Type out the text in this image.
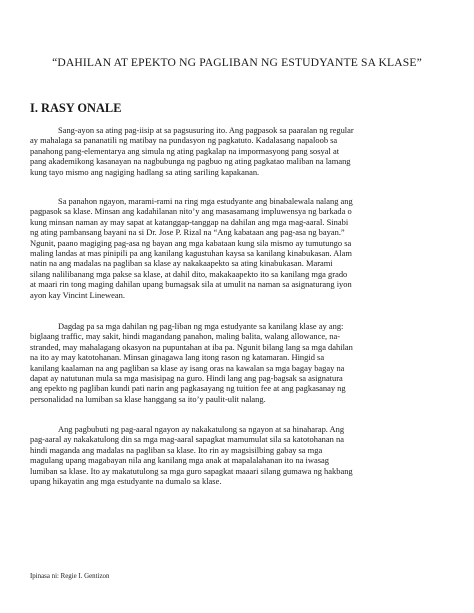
“DAHILAN AT EPEKTO NG PAGLIBAN NG ESTUDYANTE SA KLASE”
I. RASY ONALE

Sang-ayon sa ating pag-iisip at sa pagsusuring ito. Ang pagpasok sa paaralan ng regular
ay mahalaga sa pananatili ng matibay na pundasyon ng pagkatuto. Kadalasang napaloob sa
panahong pang-elementarya ang simula ng ating pagkalap na impormasyong pang sosyal at
pang akademikong kasanayan na nagbubunga ng pagbuo ng ating pagkatao maliban na lamang
kung tayo mismo ang nagiging hadlang sa ating sariling kapakanan.

Sa panahon ngayon, marami-rami na ring mga estudyante ang binabalewala nalang ang
pagpasok sa klase. Minsan ang kadahilanan nito’y ang masasamang impluwensya ng barkada o
kung minsan naman ay may sapat at katanggap-tanggap na dahilan ang mga mag-aaral. Sinabi
ng ating pambansang bayani na si Dr. Jose P. Rizal na “Ang kabataan ang pag-asa ng bayan.”
Ngunit, paano magiging pag-asa ng bayan ang mga kabataan kung sila mismo ay tumutungo sa
maling landas at mas pinipili pa ang kanilang kagustuhan kaysa sa kanilang kinabukasan. Alam
natin na ang madalas na pagliban sa klase ay nakakaapekto sa ating kinabukasan. Marami
silang nalilibanang mga pakse sa klase, at dahil dito, makakaapekto ito sa kanilang mga grado
at maari rin tong maging dahilan upang bumagsak sila at umulit na naman sa asignaturang iyon
ayon kay Vincint Linewean.

Dagdag pa sa mga dahilan ng pag-liban ng mga estudyante sa kanilang klase ay ang:
biglaang traffic, may sakit, hindi magandang panahon, maling balita, walang allowance, na-
stranded, may mahalagang okasyon na pupuntahan at iba pa. Ngunit bilang lang sa mga dahilan
na ito ay may katotohanan. Minsan ginagawa lang itong rason ng katamaran. Hingid sa
kanilang kaalaman na ang pagliban sa klase ay isang oras na kawalan sa mga bagay bagay na
dapat ay natutunan mula sa mga masisipag na guro. Hindi lang ang pag-bagsak sa asignatura
ang epekto ng pagliban kundi pati narin ang pagkasayang ng tuition fee at ang pagkasanay ng
personalidad na lumiban sa klase hanggang sa ito’y paulit-ulit nalang.

Ang pagbubuti ng pag-aaral ngayon ay nakakatulong sa ngayon at sa hinaharap. Ang
pag-aaral ay nakakatulong din sa mga mag-aaral sapagkat mamumulat sila sa katotohanan na
hindi maganda ang madalas na pagliban sa klase. Ito rin ay magsisilbing gabay sa mga
magulang upang magabayan nila ang kanilang mga anak at mapalalahanan ito na iwasag
lumiban sa klase. Ito ay makatutulong sa mga guro sapagkat maaari silang gumawa ng hakbang
upang hikayatin ang mga estudyante na dumalo sa klase.

Ipinasa ni: Regie I. Gentizon
